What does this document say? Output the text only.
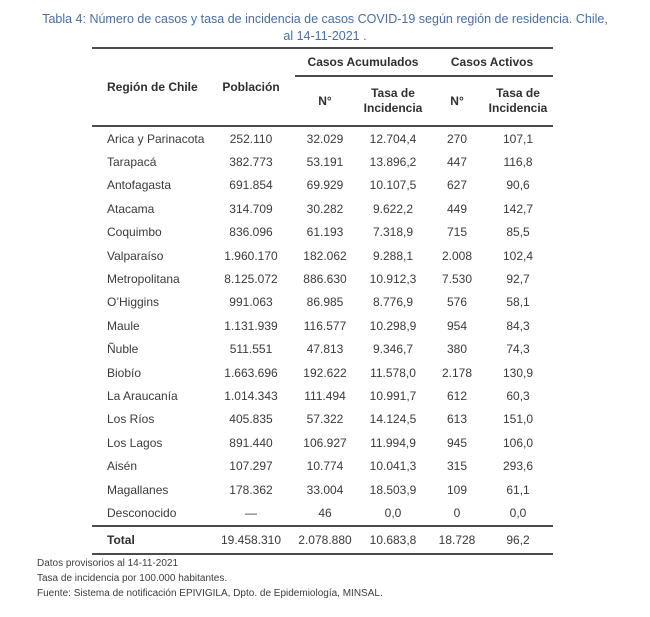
Tabla 4: Número de casos y tasa de incidencia de casos COVID-19 según región de residencia. Chile,
al 14-11-2021 .
Región de Chile	Población	Casos Acumulados		Casos Activos	
		N°	Tasa de Incidencia	N°	Tasa de Incidencia
Arica y Parinacota	252.110	32.029	12.704,4	270	107,1
Tarapacá	382.773	53.191	13.896,2	447	116,8
Antofagasta	691.854	69.929	10.107,5	627	90,6
Atacama	314.709	30.282	9.622,2	449	142,7
Coquimbo	836.096	61.193	7.318,9	715	85,5
Valparaíso	1.960.170	182.062	9.288,1	2.008	102,4
Metropolitana	8.125.072	886.630	10.912,3	7.530	92,7
O’Higgins	991.063	86.985	8.776,9	576	58,1
Maule	1.131.939	116.577	10.298,9	954	84,3
Ñuble	511.551	47.813	9.346,7	380	74,3
Biobío	1.663.696	192.622	11.578,0	2.178	130,9
La Araucanía	1.014.343	111.494	10.991,7	612	60,3
Los Ríos	405.835	57.322	14.124,5	613	151,0
Los Lagos	891.440	106.927	11.994,9	945	106,0
Aisén	107.297	10.774	10.041,3	315	293,6
Magallanes	178.362	33.004	18.503,9	109	61,1
Desconocido	—	46	0,0	0	0,0
Total	19.458.310	2.078.880	10.683,8	18.728	96,2
Datos provisorios al 14-11-2021
Tasa de incidencia por 100.000 habitantes.
Fuente: Sistema de notificación EPIVIGILA, Dpto. de Epidemiología, MINSAL.
